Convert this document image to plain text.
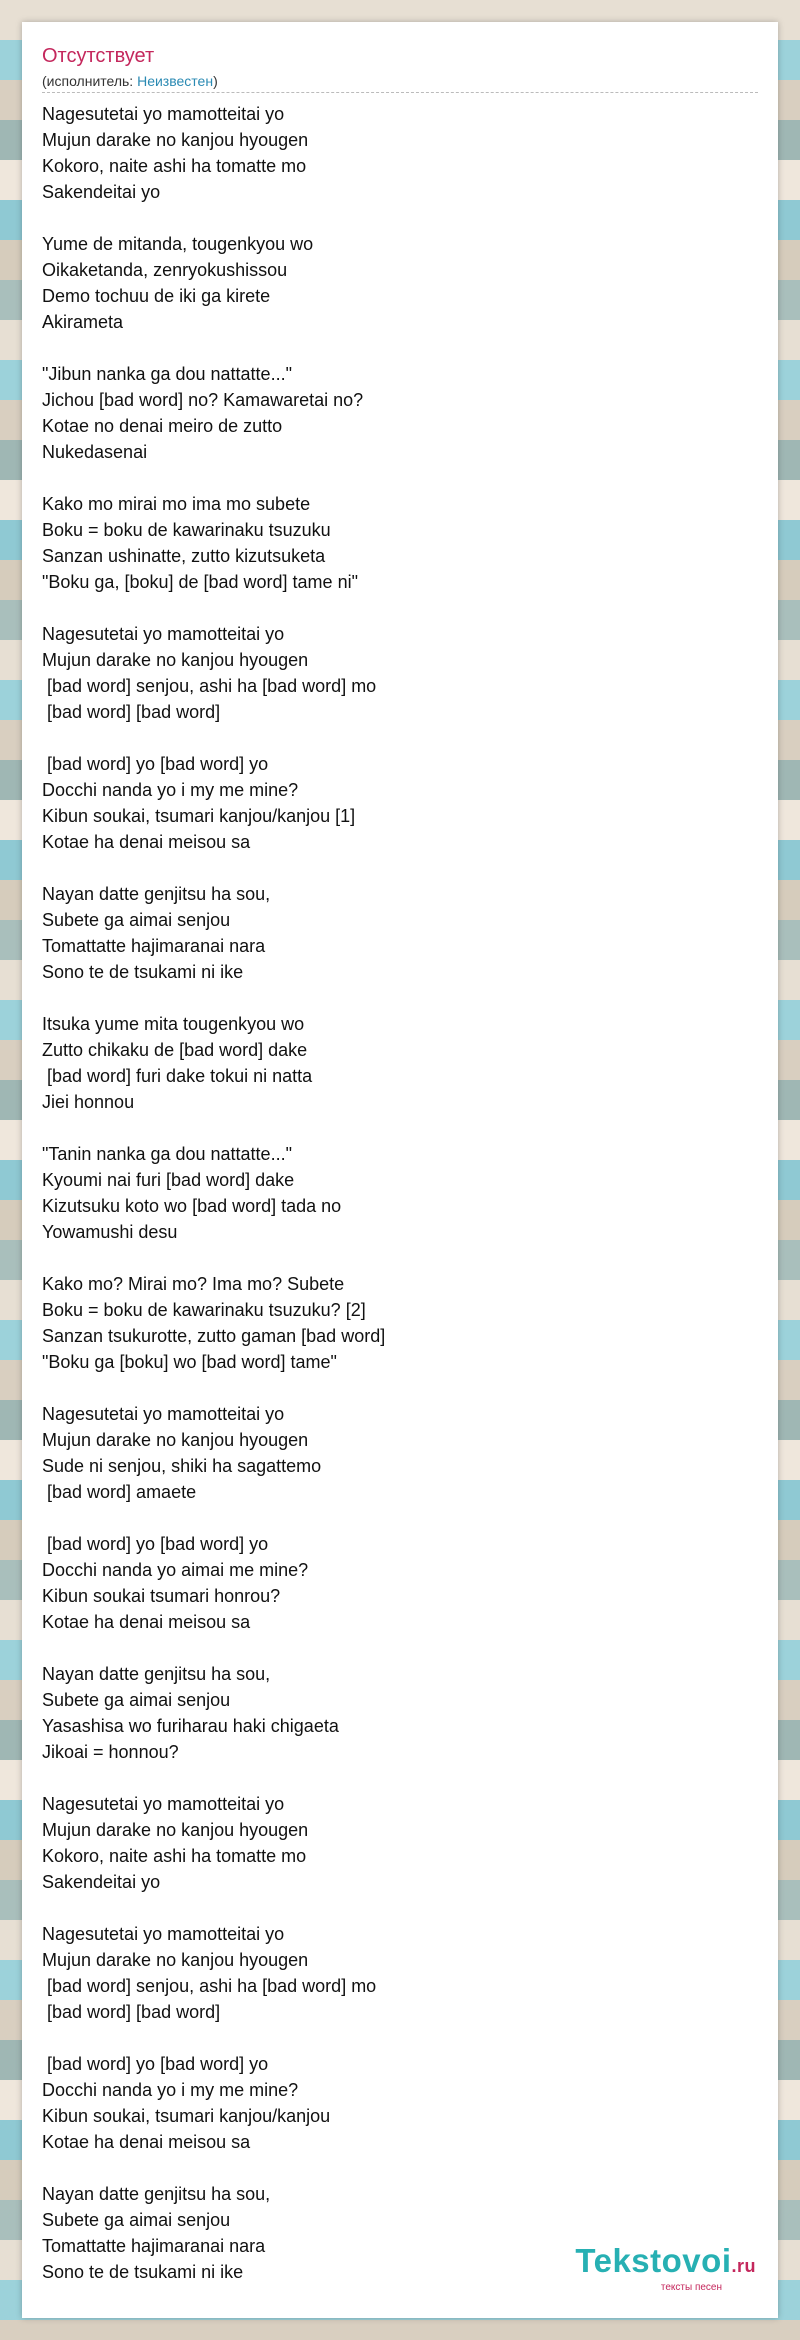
Отсутствует
(исполнитель: Неизвестен)
Nagesutetai yo mamotteitai yo
Mujun darake no kanjou hyougen
Kokoro, naite ashi ha tomatte mo
Sakendeitai yo
Yume de mitanda, tougenkyou wo
Oikaketanda, zenryokushissou
Demo tochuu de iki ga kirete
Akirameta
"Jibun nanka ga dou nattatte..."
Jichou [bad word] no? Kamawaretai no?
Kotae no denai meiro de zutto
Nukedasenai
Kako mo mirai mo ima mo subete
Boku = boku de kawarinaku tsuzuku
Sanzan ushinatte, zutto kizutsuketa
"Boku ga, [boku] de [bad word] tame ni"
Nagesutetai yo mamotteitai yo
Mujun darake no kanjou hyougen
[bad word] senjou, ashi ha [bad word] mo
[bad word] [bad word]
[bad word] yo [bad word] yo
Docchi nanda yo i my me mine?
Kibun soukai, tsumari kanjou/kanjou [1]
Kotae ha denai meisou sa
Nayan datte genjitsu ha sou,
Subete ga aimai senjou
Tomattatte hajimaranai nara
Sono te de tsukami ni ike
Itsuka yume mita tougenkyou wo
Zutto chikaku de [bad word] dake
[bad word] furi dake tokui ni natta
Jiei honnou
"Tanin nanka ga dou nattatte..."
Kyoumi nai furi [bad word] dake
Kizutsuku koto wo [bad word] tada no
Yowamushi desu
Kako mo? Mirai mo? Ima mo? Subete
Boku = boku de kawarinaku tsuzuku? [2]
Sanzan tsukurotte, zutto gaman [bad word]
"Boku ga [boku] wo [bad word] tame"
Nagesutetai yo mamotteitai yo
Mujun darake no kanjou hyougen
Sude ni senjou, shiki ha sagattemo
[bad word] amaete
[bad word] yo [bad word] yo
Docchi nanda yo aimai me mine?
Kibun soukai tsumari honrou?
Kotae ha denai meisou sa
Nayan datte genjitsu ha sou,
Subete ga aimai senjou
Yasashisa wo furiharau haki chigaeta
Jikoai = honnou?
Nagesutetai yo mamotteitai yo
Mujun darake no kanjou hyougen
Kokoro, naite ashi ha tomatte mo
Sakendeitai yo
Nagesutetai yo mamotteitai yo
Mujun darake no kanjou hyougen
[bad word] senjou, ashi ha [bad word] mo
[bad word] [bad word]
[bad word] yo [bad word] yo
Docchi nanda yo i my me mine?
Kibun soukai, tsumari kanjou/kanjou
Kotae ha denai meisou sa
Nayan datte genjitsu ha sou,
Subete ga aimai senjou
Tomattatte hajimaranai nara
Sono te de tsukami ni ike	Tekstovoi.ru
тексты песен
